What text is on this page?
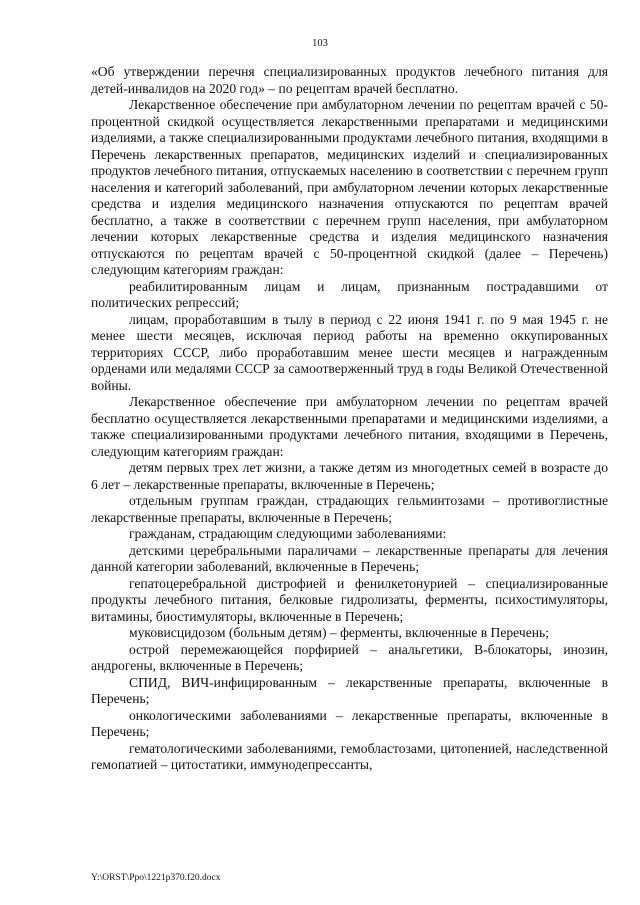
103

«Об утверждении перечня специализированных продуктов лечебного питания для детей-инвалидов на 2020 год» – по рецептам врачей бесплатно.

Лекарственное обеспечение при амбулаторном лечении по рецептам врачей с 50-процентной скидкой осуществляется лекарственными препаратами и медицинскими изделиями, а также специализированными продуктами лечебного питания, входящими в Перечень лекарственных препаратов, медицинских изделий и специализированных продуктов лечебного питания, отпускаемых населению в соответствии с перечнем групп населения и категорий заболеваний, при амбулаторном лечении которых лекарственные средства и изделия медицинского назначения отпускаются по рецептам врачей бесплатно, а также в соответствии с перечнем групп населения, при амбулаторном лечении которых лекарственные средства и изделия медицинского назначения отпускаются по рецептам врачей с 50-процентной скидкой (далее – Перечень) следующим категориям граждан:

реабилитированным лицам и лицам, признанным пострадавшими от политических репрессий;

лицам, проработавшим в тылу в период с 22 июня 1941 г. по 9 мая 1945 г. не менее шести месяцев, исключая период работы на временно оккупированных территориях СССР, либо проработавшим менее шести месяцев и награжденным орденами или медалями СССР за самоотверженный труд в годы Великой Отечественной войны.

Лекарственное обеспечение при амбулаторном лечении по рецептам врачей бесплатно осуществляется лекарственными препаратами и медицинскими изделиями, а также специализированными продуктами лечебного питания, входящими в Перечень, следующим категориям граждан:

детям первых трех лет жизни, а также детям из многодетных семей в возрасте до 6 лет – лекарственные препараты, включенные в Перечень;

отдельным группам граждан, страдающих гельминтозами – противоглистные лекарственные препараты, включенные в Перечень;

гражданам, страдающим следующими заболеваниями:

детскими церебральными параличами – лекарственные препараты для лечения данной категории заболеваний, включенные в Перечень;

гепатоцеребральной дистрофией и фенилкетонурией – специализированные продукты лечебного питания, белковые гидролизаты, ферменты, психостимуляторы, витамины, биостимуляторы, включенные в Перечень;

муковисцидозом (больным детям) – ферменты, включенные в Перечень;

острой перемежающейся порфирией – анальгетики, В-блокаторы, инозин, андрогены, включенные в Перечень;

СПИД, ВИЧ-инфицированным – лекарственные препараты, включенные в Перечень;

онкологическими заболеваниями – лекарственные препараты, включенные в Перечень;

гематологическими заболеваниями, гемобластозами, цитопенией, наследственной гемопатией – цитостатики, иммунодепрессанты,

Y:\ORST\Ppo\1221p370.f20.docx
